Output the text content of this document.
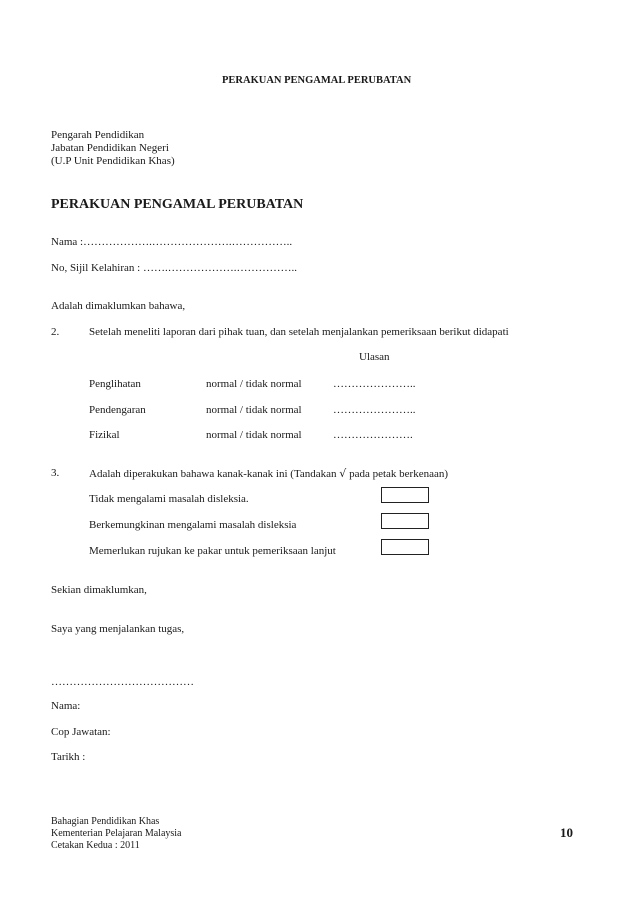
PERAKUAN PENGAMAL PERUBATAN
Pengarah Pendidikan
Jabatan Pendidikan Negeri
(U.P Unit Pendidikan Khas)
PERAKUAN PENGAMAL PERUBATAN
Nama :……………….………………….……………..
No, Sijil Kelahiran : …….……………….……………..
Adalah dimaklumkan bahawa,
2.	Setelah meneliti laporan dari pihak tuan, dan setelah menjalankan pemeriksaan berikut didapati
Ulasan
Penglihatan	normal / tidak normal	…………………..
Pendengaran	normal / tidak normal	…………………..
Fizikal	normal / tidak normal	………………….
3.	Adalah diperakukan bahawa kanak-kanak ini (Tandakan √ pada petak berkenaan)
Tidak mengalami masalah disleksia.
Berkemungkinan mengalami masalah disleksia
Memerlukan rujukan ke pakar untuk pemeriksaan lanjut
Sekian dimaklumkan,
Saya yang menjalankan tugas,
…………………………………
Nama:
Cop Jawatan:
Tarikh :
Bahagian Pendidikan Khas
Kementerian Pelajaran Malaysia
Cetakan Kedua : 2011
10
